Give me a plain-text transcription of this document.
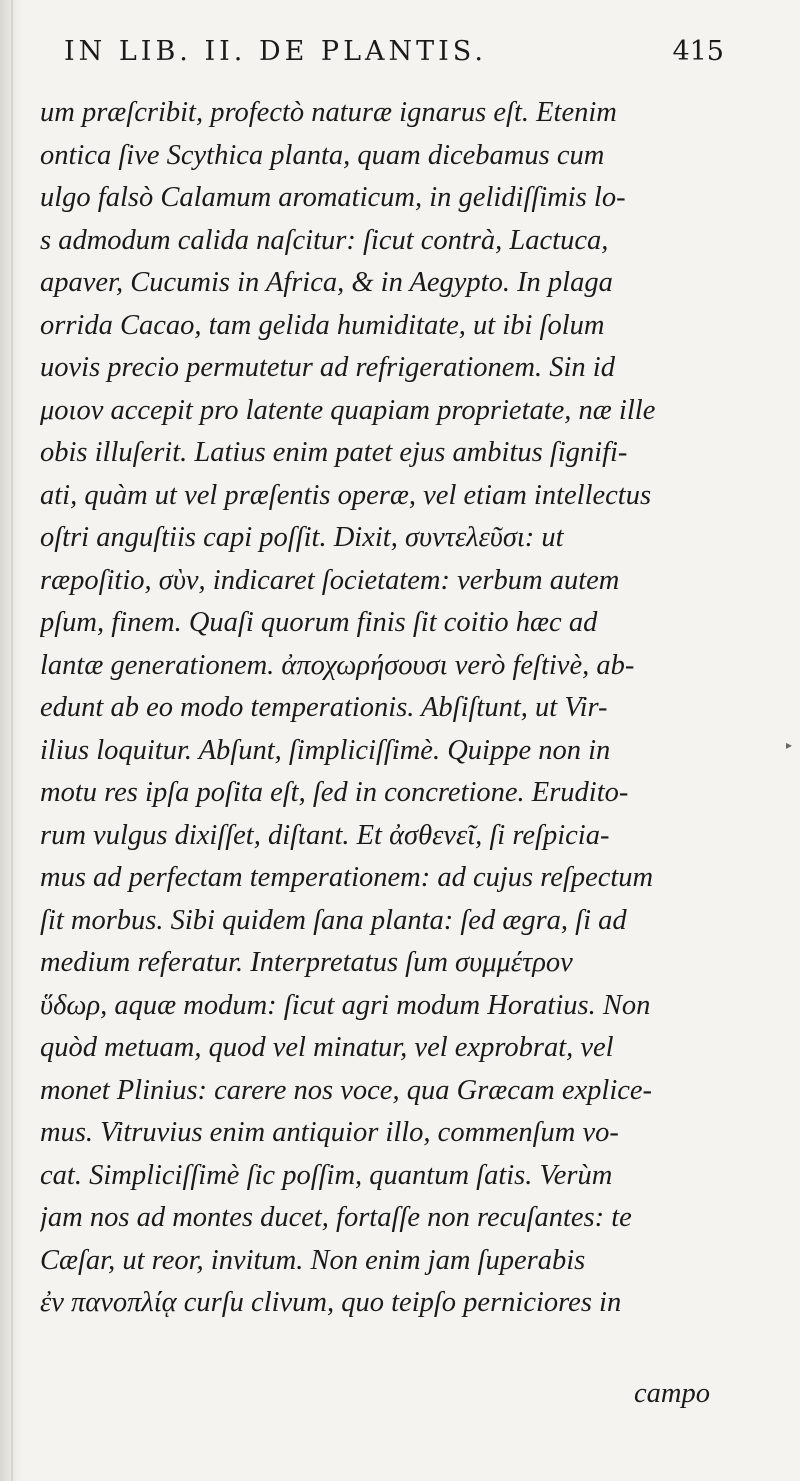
IN LIB. II. DE PLANTIS.	415
um præſcribit, profectò naturæ ignarus eſt. Etenim
ontica ſive Scythica planta, quam dicebamus cum
ulgo falsò Calamum aromaticum, in gelidiſſimis lo-
s admodum calida naſcitur: ſicut contrà, Lactuca,
apaver, Cucumis in Africa, & in Aegypto. In plaga
orrida Cacao, tam gelida humiditate, ut ibi ſolum
uovis precio permutetur ad refrigerationem. Sin id
μοιον accepit pro latente quapiam proprietate, næ ille
obis illuſerit. Latius enim patet ejus ambitus ſignifi-
ati, quàm ut vel præſentis operæ, vel etiam intellectus
oſtri anguſtiis capi poſſit. Dixit, συντελεῦσι: ut
ræpoſitio, σὺν, indicaret ſocietatem: verbum autem
pſum, finem. Quaſi quorum finis ſit coitio hæc ad
lantæ generationem. ἀποχωρήσουσι verò feſtivè, ab-
edunt ab eo modo temperationis. Abſiſtunt, ut Vir-
ilius loquitur. Abſunt, ſimpliciſſimè. Quippe non in
motu res ipſa poſita eſt, ſed in concretione. Erudito-
rum vulgus dixiſſet, diſtant. Et ἀσθενεῖ, ſi reſpicia-
mus ad perfectam temperationem: ad cujus reſpectum
ſit morbus. Sibi quidem ſana planta: ſed ægra, ſi ad
medium referatur. Interpretatus ſum συμμέτρον
ὕδωρ, aquæ modum: ſicut agri modum Horatius. Non
quòd metuam, quod vel minatur, vel exprobrat, vel
monet Plinius: carere nos voce, qua Græcam explice-
mus. Vitruvius enim antiquior illo, commenſum vo-
cat. Simpliciſſimè ſic poſſim, quantum ſatis. Verùm
jam nos ad montes ducet, fortaſſe non recuſantes: te
Cæſar, ut reor, invitum. Non enim jam ſuperabis
ἐν πανοπλίᾳ curſu clivum, quo teipſo perniciores in
campo
▸
